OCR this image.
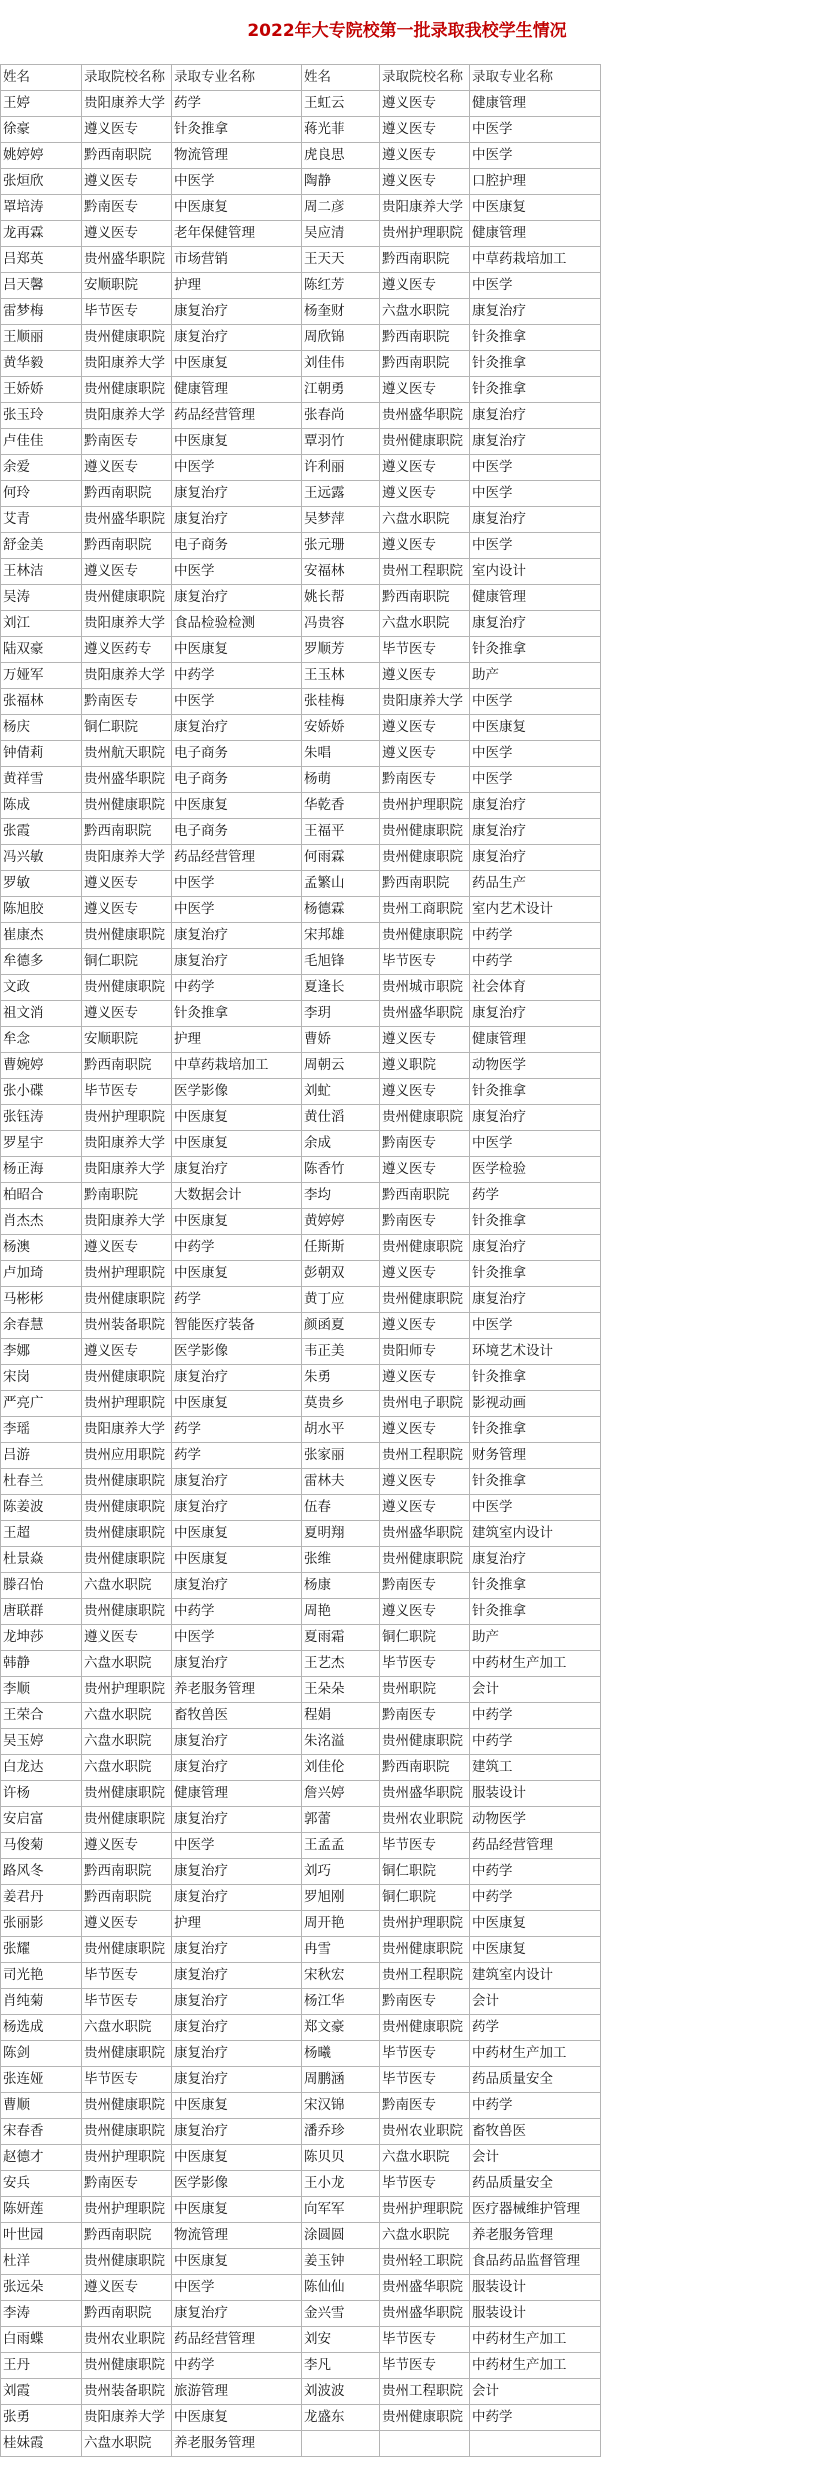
2022年大专院校第一批录取我校学生情况
姓名	录取院校名称	录取专业名称	姓名	录取院校名称	录取专业名称
王婷	贵阳康养大学	药学	王虹云	遵义医专	健康管理
徐豪	遵义医专	针灸推拿	蒋光菲	遵义医专	中医学
姚婷婷	黔西南职院	物流管理	虎良思	遵义医专	中医学
张烜欣	遵义医专	中医学	陶静	遵义医专	口腔护理
罩培涛	黔南医专	中医康复	周二彦	贵阳康养大学	中医康复
龙再霖	遵义医专	老年保健管理	吴应清	贵州护理职院	健康管理
吕郑英	贵州盛华职院	市场营销	王天天	黔西南职院	中草药栽培加工
吕天馨	安顺职院	护理	陈红芳	遵义医专	中医学
雷梦梅	毕节医专	康复治疗	杨奎财	六盘水职院	康复治疗
王顺丽	贵州健康职院	康复治疗	周欣锦	黔西南职院	针灸推拿
黄华毅	贵阳康养大学	中医康复	刘佳伟	黔西南职院	针灸推拿
王娇娇	贵州健康职院	健康管理	江朝勇	遵义医专	针灸推拿
张玉玲	贵阳康养大学	药品经营管理	张春尚	贵州盛华职院	康复治疗
卢佳佳	黔南医专	中医康复	覃羽竹	贵州健康职院	康复治疗
余爱	遵义医专	中医学	许利丽	遵义医专	中医学
何玲	黔西南职院	康复治疗	王远露	遵义医专	中医学
艾青	贵州盛华职院	康复治疗	吴梦萍	六盘水职院	康复治疗
舒金美	黔西南职院	电子商务	张元珊	遵义医专	中医学
王林洁	遵义医专	中医学	安福林	贵州工程职院	室内设计
吴涛	贵州健康职院	康复治疗	姚长帮	黔西南职院	健康管理
刘江	贵阳康养大学	食品检验检测	冯贵容	六盘水职院	康复治疗
陆双豪	遵义医药专	中医康复	罗顺芳	毕节医专	针灸推拿
万娅军	贵阳康养大学	中药学	王玉林	遵义医专	助产
张福林	黔南医专	中医学	张桂梅	贵阳康养大学	中医学
杨庆	铜仁职院	康复治疗	安娇娇	遵义医专	中医康复
钟倩莉	贵州航天职院	电子商务	朱唱	遵义医专	中医学
黄祥雪	贵州盛华职院	电子商务	杨萌	黔南医专	中医学
陈成	贵州健康职院	中医康复	华乾香	贵州护理职院	康复治疗
张霞	黔西南职院	电子商务	王福平	贵州健康职院	康复治疗
冯兴敏	贵阳康养大学	药品经营管理	何雨霖	贵州健康职院	康复治疗
罗敏	遵义医专	中医学	孟繁山	黔西南职院	药品生产
陈旭胶	遵义医专	中医学	杨德霖	贵州工商职院	室内艺术设计
崔康杰	贵州健康职院	康复治疗	宋邦雄	贵州健康职院	中药学
牟德多	铜仁职院	康复治疗	毛旭锋	毕节医专	中药学
文政	贵州健康职院	中药学	夏逢长	贵州城市职院	社会体育
祖文消	遵义医专	针灸推拿	李玥	贵州盛华职院	康复治疗
牟念	安顺职院	护理	曹娇	遵义医专	健康管理
曹婉婷	黔西南职院	中草药栽培加工	周朝云	遵义职院	动物医学
张小碟	毕节医专	医学影像	刘虻	遵义医专	针灸推拿
张钰涛	贵州护理职院	中医康复	黄仕滔	贵州健康职院	康复治疗
罗星宇	贵阳康养大学	中医康复	余成	黔南医专	中医学
杨正海	贵阳康养大学	康复治疗	陈香竹	遵义医专	医学检验
柏昭合	黔南职院	大数据会计	李均	黔西南职院	药学
肖杰杰	贵阳康养大学	中医康复	黄婷婷	黔南医专	针灸推拿
杨澳	遵义医专	中药学	任斯斯	贵州健康职院	康复治疗
卢加琦	贵州护理职院	中医康复	彭朝双	遵义医专	针灸推拿
马彬彬	贵州健康职院	药学	黄丁应	贵州健康职院	康复治疗
余春慧	贵州装备职院	智能医疗装备	颜函夏	遵义医专	中医学
李娜	遵义医专	医学影像	韦正美	贵阳师专	环境艺术设计
宋岗	贵州健康职院	康复治疗	朱勇	遵义医专	针灸推拿
严亮广	贵州护理职院	中医康复	莫贵乡	贵州电子职院	影视动画
李瑶	贵阳康养大学	药学	胡水平	遵义医专	针灸推拿
吕游	贵州应用职院	药学	张家丽	贵州工程职院	财务管理
杜春兰	贵州健康职院	康复治疗	雷林夫	遵义医专	针灸推拿
陈姜波	贵州健康职院	康复治疗	伍春	遵义医专	中医学
王超	贵州健康职院	中医康复	夏明翔	贵州盛华职院	建筑室内设计
杜景焱	贵州健康职院	中医康复	张维	贵州健康职院	康复治疗
滕召怡	六盘水职院	康复治疗	杨康	黔南医专	针灸推拿
唐联群	贵州健康职院	中药学	周艳	遵义医专	针灸推拿
龙坤莎	遵义医专	中医学	夏雨霜	铜仁职院	助产
韩静	六盘水职院	康复治疗	王艺杰	毕节医专	中药材生产加工
李顺	贵州护理职院	养老服务管理	王朵朵	贵州职院	会计
王荣合	六盘水职院	畜牧兽医	程娟	黔南医专	中药学
吴玉婷	六盘水职院	康复治疗	朱洺溢	贵州健康职院	中药学
白龙达	六盘水职院	康复治疗	刘佳伦	黔西南职院	建筑工
许杨	贵州健康职院	健康管理	詹兴婷	贵州盛华职院	服装设计
安启富	贵州健康职院	康复治疗	郭蕾	贵州农业职院	动物医学
马俊菊	遵义医专	中医学	王孟孟	毕节医专	药品经营管理
路风冬	黔西南职院	康复治疗	刘巧	铜仁职院	中药学
姜君丹	黔西南职院	康复治疗	罗旭刚	铜仁职院	中药学
张丽影	遵义医专	护理	周开艳	贵州护理职院	中医康复
张耀	贵州健康职院	康复治疗	冉雪	贵州健康职院	中医康复
司光艳	毕节医专	康复治疗	宋秋宏	贵州工程职院	建筑室内设计
肖纯菊	毕节医专	康复治疗	杨江华	黔南医专	会计
杨选成	六盘水职院	康复治疗	郑文豪	贵州健康职院	药学
陈剑	贵州健康职院	康复治疗	杨曦	毕节医专	中药材生产加工
张连娅	毕节医专	康复治疗	周鹏涵	毕节医专	药品质量安全
曹顺	贵州健康职院	中医康复	宋汉锦	黔南医专	中药学
宋春香	贵州健康职院	康复治疗	潘乔珍	贵州农业职院	畜牧兽医
赵德才	贵州护理职院	中医康复	陈贝贝	六盘水职院	会计
安兵	黔南医专	医学影像	王小龙	毕节医专	药品质量安全
陈妍莲	贵州护理职院	中医康复	向军军	贵州护理职院	医疗器械维护管理
叶世园	黔西南职院	物流管理	涂圆圆	六盘水职院	养老服务管理
杜洋	贵州健康职院	中医康复	姜玉钟	贵州轻工职院	食品药品监督管理
张远朵	遵义医专	中医学	陈仙仙	贵州盛华职院	服装设计
李涛	黔西南职院	康复治疗	金兴雪	贵州盛华职院	服装设计
白雨蝶	贵州农业职院	药品经营管理	刘安	毕节医专	中药材生产加工
王丹	贵州健康职院	中药学	李凡	毕节医专	中药材生产加工
刘霞	贵州装备职院	旅游管理	刘波波	贵州工程职院	会计
张勇	贵阳康养大学	中医康复	龙盛东	贵州健康职院	中药学
桂妹霞	六盘水职院	养老服务管理			
